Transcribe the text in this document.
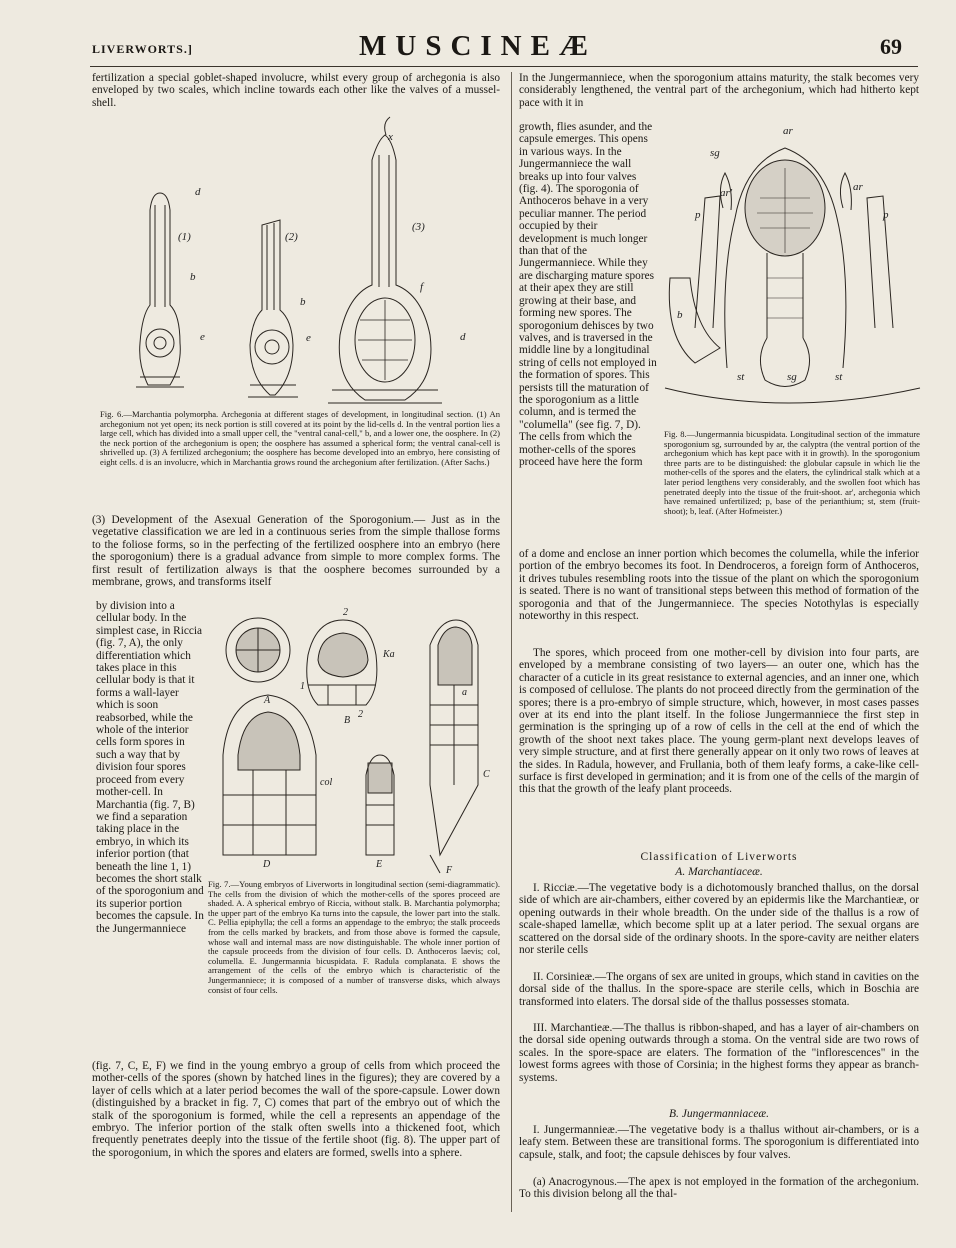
LIVERWORTS.]	MUSCINEÆ	69

fertilization a special goblet-shaped involucre, whilst every group of archegonia is also enveloped by two scales, which incline towards each other like the valves of a mussel-shell.

d
(1)
b
e
(2)
b
e
(3)
x
f
d

Fig. 6.—Marchantia polymorpha. Archegonia at different stages of development, in longitudinal section. (1) An archegonium not yet open; its neck portion is still covered at its point by the lid-cells d. In the ventral portion lies a large cell, which has divided into a small upper cell, the "ventral canal-cell," b, and a lower one, the oosphere. In (2) the neck portion of the archegonium is open; the oosphere has assumed a spherical form; the ventral canal-cell is shrivelled up. (3) A fertilized archegonium; the oosphere has become developed into an embryo, here consisting of eight cells. d is an involucre, which in Marchantia grows round the archegonium after fertilization. (After Sachs.)

(3) Development of the Asexual Generation of the Sporogonium.— Just as in the vegetative classification we are led in a continuous series from the simple thallose forms to the foliose forms, so in the perfecting of the fertilized oosphere into an embryo (here the sporogonium) there is a gradual advance from simple to more complex forms. The first result of fertilization always is that the oosphere becomes surrounded by a membrane, grows, and transforms itself

by division into a cellular body. In the simplest case, in Riccia (fig. 7, A), the only differentiation which takes place in this cellular body is that it forms a wall-layer which is soon reabsorbed, while the whole of the interior cells form spores in such a way that by division four spores proceed from every mother-cell. In Marchantia (fig. 7, B) we find a separation taking place in the embryo, in which its inferior portion (that beneath the line 1, 1) becomes the short stalk of the sporogonium and its superior portion becomes the capsule. In the Jungermanniece

A
2
1
Ka
B
2
a
C
col
D	E
F

Fig. 7.—Young embryos of Liverworts in longitudinal section (semi-diagrammatic). The cells from the division of which the mother-cells of the spores proceed are shaded. A. A spherical embryo of Riccia, without stalk. B. Marchantia polymorpha; the upper part of the embryo Ka turns into the capsule, the lower part into the stalk. C. Pellia epiphylla; the cell a forms an appendage to the embryo; the stalk proceeds from the cells marked by brackets, and from those above is formed the capsule, whose wall and internal mass are now distinguishable. The whole inner portion of the capsule proceeds from the division of four cells. D. Anthoceros laevis; col, columella. E. Jungermannia bicuspidata. F. Radula complanata. E shows the arrangement of the cells of the embryo which is characteristic of the Jungermanniece; it is composed of a number of transverse disks, which always consist of four cells.

(fig. 7, C, E, F) we find in the young embryo a group of cells from which proceed the mother-cells of the spores (shown by hatched lines in the figures); they are covered by a layer of cells which at a later period becomes the wall of the spore-capsule. Lower down (distinguished by a bracket in fig. 7, C) comes that part of the embryo out of which the stalk of the sporogonium is formed, while the cell a represents an appendage of the embryo. The inferior portion of the stalk often swells into a thickened foot, which frequently penetrates deeply into the tissue of the fertile shoot (fig. 8). The upper part of the sporogonium, in which the spores and elaters are formed, swells into a sphere.

In the Jungermanniece, when the sporogonium attains maturity, the stalk becomes very considerably lengthened, the ventral part of the archegonium, which had hitherto kept pace with it in

growth, flies asunder, and the capsule emerges. This opens in various ways. In the Jungermanniece the wall breaks up into four valves (fig. 4). The sporogonia of Anthoceros behave in a very peculiar manner. The period occupied by their development is much longer than that of the Jungermanniece. While they are discharging mature spores at their apex they are still growing at their base, and forming new spores. The sporogonium dehisces by two valves, and is traversed in the middle line by a longitudinal string of cells not employed in the formation of spores. This persists till the maturation of the sporogonium as a little column, and is termed the "columella" (see fig. 7, D). The cells from which the mother-cells of the spores proceed have here the form

ar
sg
ar'	ar
p	p
b
st	sg	st

Fig. 8.—Jungermannia bicuspidata. Longitudinal section of the immature sporogonium sg, surrounded by ar, the calyptra (the ventral portion of the archegonium which has kept pace with it in growth). In the sporogonium three parts are to be distinguished: the globular capsule in which lie the mother-cells of the spores and the elaters, the cylindrical stalk which at a later period lengthens very considerably, and the swollen foot which has penetrated deeply into the tissue of the fruit-shoot. ar', archegonia which have remained unfertilized; p, base of the perianthium; st, stem (fruit-shoot); b, leaf. (After Hofmeister.)

of a dome and enclose an inner portion which becomes the columella, while the inferior portion of the embryo becomes its foot. In Dendroceros, a foreign form of Anthoceros, it drives tubules resembling roots into the tissue of the plant on which the sporogonium is seated. There is no want of transitional steps between this method of formation of the sporogonia and that of the Jungermanniece. The species Notothylas is especially noteworthy in this respect.

The spores, which proceed from one mother-cell by division into four parts, are enveloped by a membrane consisting of two layers— an outer one, which has the character of a cuticle in its great resistance to external agencies, and an inner one, which is composed of cellulose. The plants do not proceed directly from the germination of the spores; there is a pro-embryo of simple structure, which, however, in most cases passes over at its end into the plant itself. In the foliose Jungermanniece the first step in germination is the springing up of a row of cells in the cell at the end of which the growth of the shoot next takes place. The young germ-plant next develops leaves of very simple structure, and at first there generally appear on it only two rows of leaves at the sides. In Radula, however, and Frullania, both of them leafy forms, a cake-like cell-surface is first developed in germination; and it is from one of the cells of the margin of this that the growth of the leafy plant proceeds.

Classification of Liverworts
A. Marchantiaceæ.

I. Ricciæ.—The vegetative body is a dichotomously branched thallus, on the dorsal side of which are air-chambers, either covered by an epidermis like the Marchantieæ, or opening outwards in their whole breadth. On the under side of the thallus is a row of scale-shaped lamellæ, which become split up at a later period. The sexual organs are scattered on the dorsal side of the ordinary shoots. In the spore-cavity are neither elaters nor sterile cells

II. Corsinieæ.—The organs of sex are united in groups, which stand in cavities on the dorsal side of the thallus. In the spore-space are sterile cells, which in Boschia are transformed into elaters. The dorsal side of the thallus possesses stomata.

III. Marchantieæ.—The thallus is ribbon-shaped, and has a layer of air-chambers on the dorsal side opening outwards through a stoma. On the ventral side are two rows of scales. In the spore-space are elaters. The formation of the "inflorescences" in the lowest forms agrees with those of Corsinia; in the highest forms they appear as branch-systems.

B. Jungermanniaceæ.

I. Jungermannieæ.—The vegetative body is a thallus without air-chambers, or is a leafy stem. Between these are transitional forms. The sporogonium is differentiated into capsule, stalk, and foot; the capsule dehisces by four valves.

(a) Anacrogynous.—The apex is not employed in the formation of the archegonium. To this division belong all the thal-
